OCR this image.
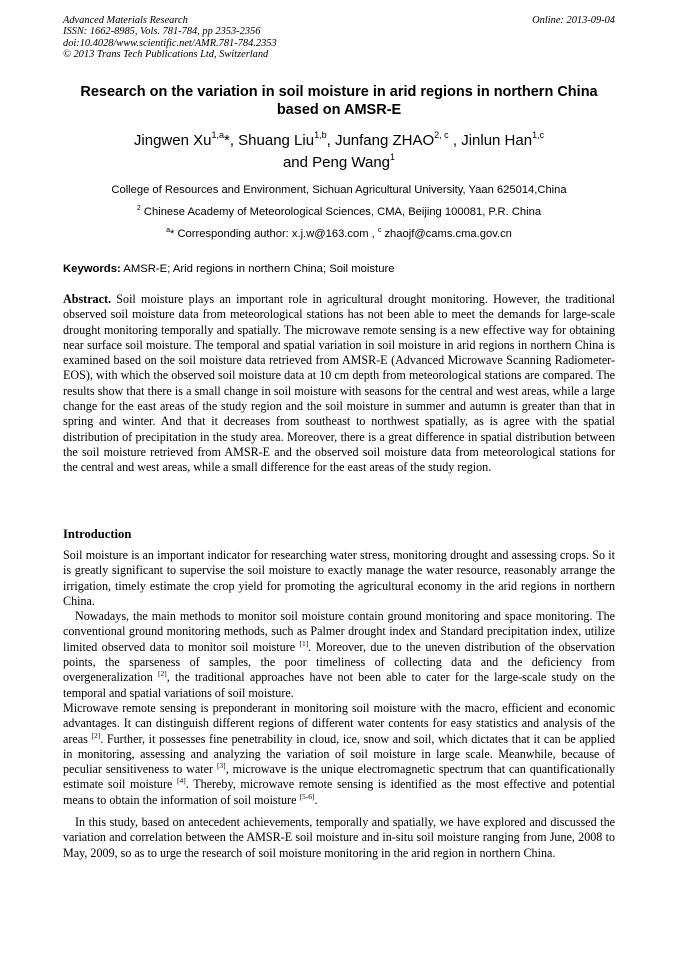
Advanced Materials Research
ISSN: 1662-8985, Vols. 781-784, pp 2353-2356
doi:10.4028/www.scientific.net/AMR.781-784.2353
© 2013 Trans Tech Publications Ltd, Switzerland
Online: 2013-09-04
Research on the variation in soil moisture in arid regions in northern China based on AMSR-E
Jingwen Xu$^{1,a}$*, Shuang Liu$^{1,b}$, Junfang ZHAO$^{2, c}$ , Jinlun Han$^{1,c}$
and Peng Wang$^1$
College of Resources and Environment, Sichuan Agricultural University, Yaan 625014,China
$^2$ Chinese Academy of Meteorological Sciences, CMA, Beijing 100081, P.R. China
$^a$* Corresponding author: x.j.w@163.com , $^c$ zhaojf@cams.cma.gov.cn
Keywords: AMSR-E; Arid regions in northern China; Soil moisture

Abstract. Soil moisture plays an important role in agricultural drought monitoring. However, the traditional observed soil moisture data from meteorological stations has not been able to meet the demands for large-scale drought monitoring temporally and spatially. The microwave remote sensing is a new effective way for obtaining near surface soil moisture. The temporal and spatial variation in soil moisture in arid regions in northern China is examined based on the soil moisture data retrieved from AMSR-E (Advanced Microwave Scanning Radiometer-EOS), with which the observed soil moisture data at 10 cm depth from meteorological stations are compared. The results show that there is a small change in soil moisture with seasons for the central and west areas, while a large change for the east areas of the study region and the soil moisture in summer and autumn is greater than that in spring and winter. And that it decreases from southeast to northwest spatially, as is agree with the spatial distribution of precipitation in the study area. Moreover, there is a great difference in spatial distribution between the soil moisture retrieved from AMSR-E and the observed soil moisture data from meteorological stations for the central and west areas, while a small difference for the east areas of the study region.

Introduction

Soil moisture is an important indicator for researching water stress, monitoring drought and assessing crops. So it is greatly significant to supervise the soil moisture to exactly manage the water resource, reasonably arrange the irrigation, timely estimate the crop yield for promoting the agricultural economy in the arid regions in northern China.

Nowadays, the main methods to monitor soil moisture contain ground monitoring and space monitoring. The conventional ground monitoring methods, such as Palmer drought index and Standard precipitation index, utilize limited observed data to monitor soil moisture [1]. Moreover, due to the uneven distribution of the observation points, the sparseness of samples, the poor timeliness of collecting data and the deficiency from overgeneralization [2], the traditional approaches have not been able to cater for the large-scale study on the temporal and spatial variations of soil moisture.

Microwave remote sensing is preponderant in monitoring soil moisture with the macro, efficient and economic advantages. It can distinguish different regions of different water contents for easy statistics and analysis of the areas [2]. Further, it possesses fine penetrability in cloud, ice, snow and soil, which dictates that it can be applied in monitoring, assessing and analyzing the variation of soil moisture in large scale. Meanwhile, because of peculiar sensitiveness to water [3], microwave is the unique electromagnetic spectrum that can quantificationally estimate soil moisture [4]. Thereby, microwave remote sensing is identified as the most effective and potential means to obtain the information of soil moisture [5-6].

In this study, based on antecedent achievements, temporally and spatially, we have explored and discussed the variation and correlation between the AMSR-E soil moisture and in-situ soil moisture ranging from June, 2008 to May, 2009, so as to urge the research of soil moisture monitoring in the arid region in northern China.
